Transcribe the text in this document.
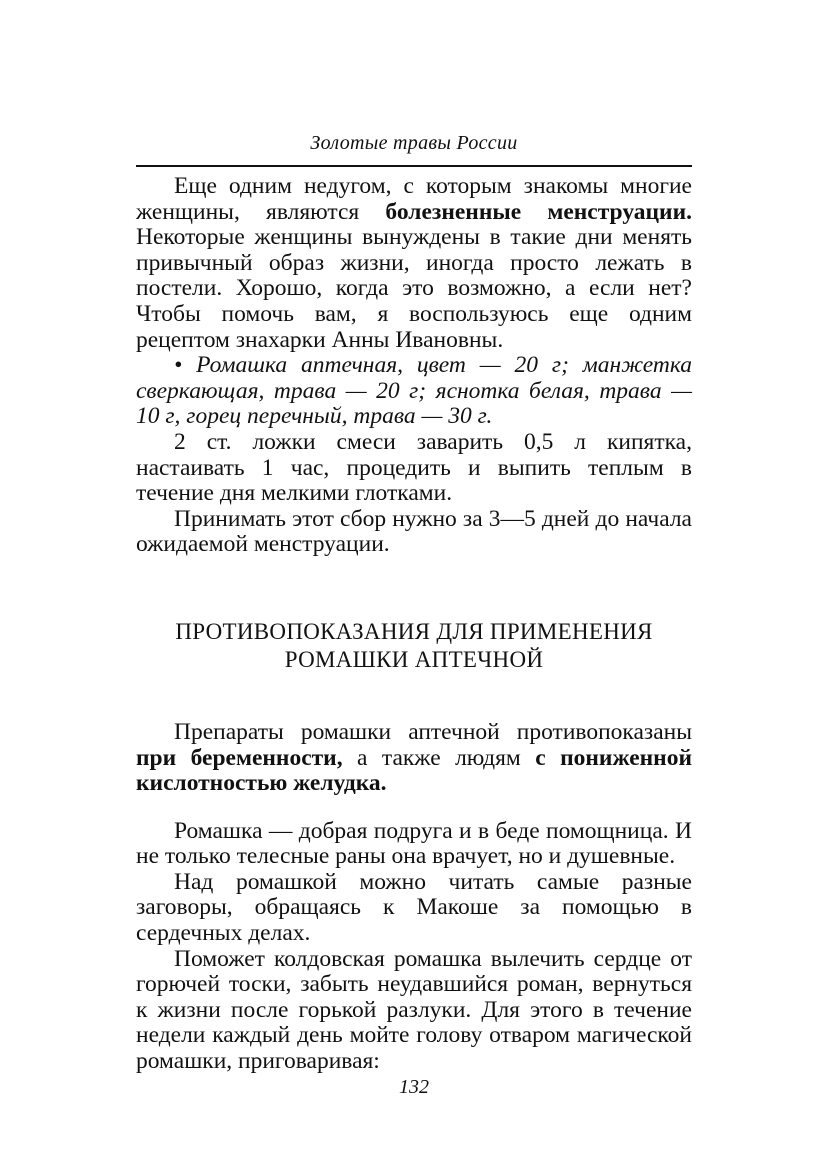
Золотые травы России

Еще одним недугом, с которым знакомы многие женщины, являются болезненные менструации. Некоторые женщины вынуждены в такие дни менять привычный образ жизни, иногда просто лежать в постели. Хорошо, когда это возможно, а если нет? Чтобы помочь вам, я воспользуюсь еще одним рецептом знахарки Анны Ивановны.

• Ромашка аптечная, цвет — 20 г; манжетка сверкающая, трава — 20 г; яснотка белая, трава — 10 г, горец перечный, трава — 30 г.

2 ст. ложки смеси заварить 0,5 л кипятка, настаивать 1 час, процедить и выпить теплым в течение дня мелкими глотками.

Принимать этот сбор нужно за 3—5 дней до начала ожидаемой менструации.

ПРОТИВОПОКАЗАНИЯ ДЛЯ ПРИМЕНЕНИЯ
РОМАШКИ АПТЕЧНОЙ

Препараты ромашки аптечной противопоказаны при беременности, а также людям с пониженной кислотностью желудка.

Ромашка — добрая подруга и в беде помощница. И не только телесные раны она врачует, но и душевные.

Над ромашкой можно читать самые разные заговоры, обращаясь к Макоше за помощью в сердечных делах.

Поможет колдовская ромашка вылечить сердце от горючей тоски, забыть неудавшийся роман, вернуться к жизни после горькой разлуки. Для этого в течение недели каждый день мойте голову отваром магической ромашки, приговаривая:

132
